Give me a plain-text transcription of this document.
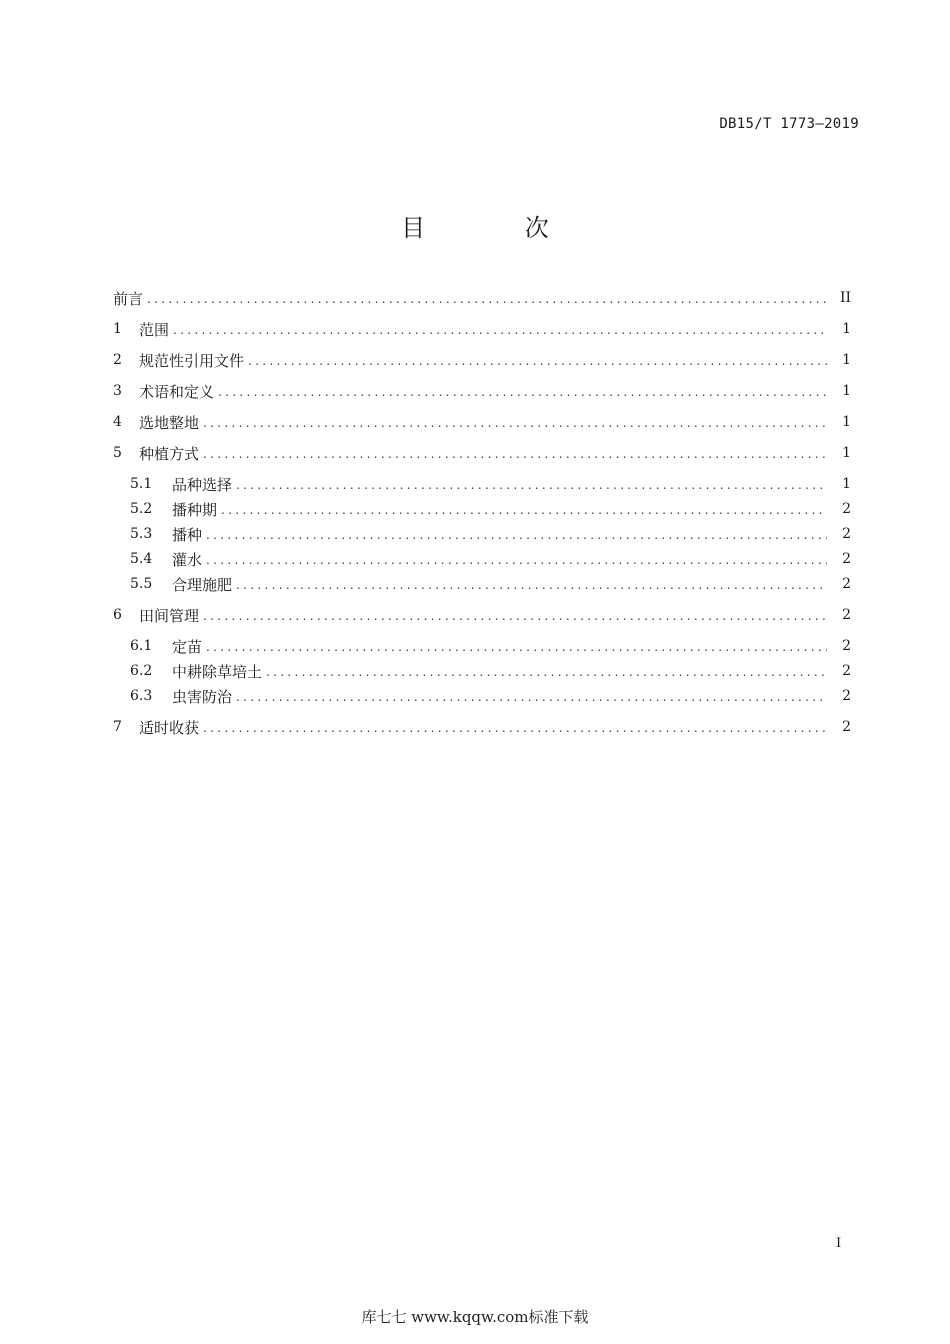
DB15/T 1773—2019
目 次
前言 .....	II
1	范围 .....	1
2	规范性引用文件 .....	1
3	术语和定义 .....	1
4	选地整地 .....	1
5	种植方式 .....	1
5.1	品种选择 .....	1
5.2	播种期 .....	2
5.3	播种 .....	2
5.4	灌水 .....	2
5.5	合理施肥 .....	2
6	田间管理 .....	2
6.1	定苗 .....	2
6.2	中耕除草培土 .....	2
6.3	虫害防治 .....	2
7	适时收获 .....	2
I
库七七 www.kqqw.com标准下载
